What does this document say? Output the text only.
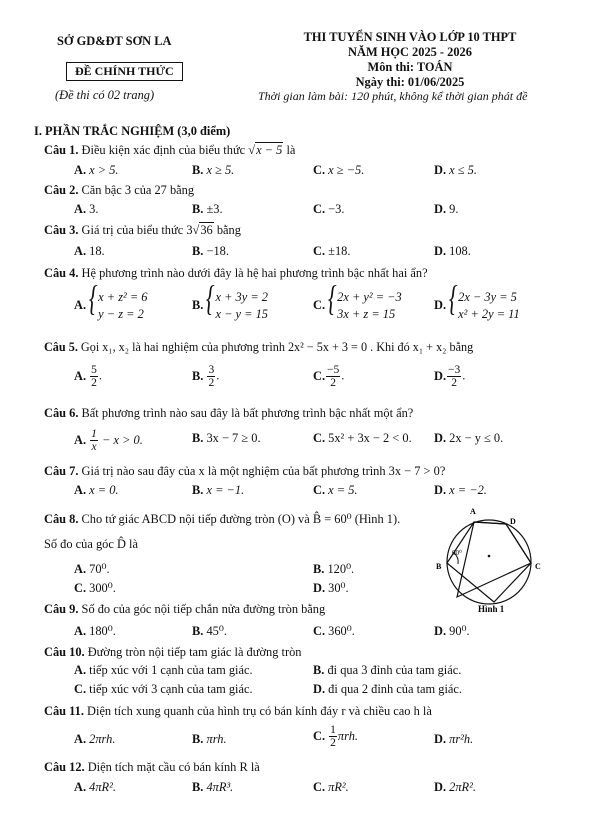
SỞ GD&ĐT SƠN LA
ĐỀ CHÍNH THỨC
(Đề thi có 02 trang)
THI TUYỂN SINH VÀO LỚP 10 THPT
NĂM HỌC 2025 - 2026
Môn thi: TOÁN
Ngày thi: 01/06/2025
Thời gian làm bài: 120 phút, không kể thời gian phát đề
I. PHẦN TRẮC NGHIỆM (3,0 điểm)
Câu 1. Điều kiện xác định của biểu thức √x − 5 là
A. x > 5.	B. x ≥ 5.	C. x ≥ −5.	D. x ≤ 5.
Câu 2. Căn bậc 3 của 27 bằng
A. 3.	B. ±3.	C. −3.	D. 9.
Câu 3. Giá trị của biểu thức 3√36 bằng
A. 18.	B. −18.	C. ±18.	D. 108.
Câu 4. Hệ phương trình nào dưới đây là hệ hai phương trình bậc nhất hai ẩn?
A.
{ x + z² = 6
y − z = 2
B.
{ x + 3y = 2
x − y = 15
C.
{ 2x + y² = −3
3x + z = 15
D.
{ 2x − 3y = 5
x² + 2y = 11
Câu 5. Gọi x₁, x₂ là hai nghiệm của phương trình 2x² − 5x + 3 = 0 . Khi đó x₁ + x₂ bằng
A. $\frac{5}{2}$ .	B. $\frac{3}{2}$ .	C. $\frac{-5}{2}$ .	D. $\frac{-3}{2}$ .
Câu 6. Bất phương trình nào sau đây là bất phương trình bậc nhất một ẩn?
A. $\frac{1}{x} - x > 0$.	B. 3x − 7 ≥ 0.	C. 5x² + 3x − 2 < 0. D. 2x − y ≤ 0.
Câu 7. Giá trị nào sau đây của x là một nghiệm của bất phương trình 3x − 7 > 0?
A. x = 0.	B. x = −1.	C. x = 5.	D. x = −2.
Câu 8. Cho tứ giác ABCD nội tiếp đường tròn (O) và B̂ = 60⁰ (Hình 1).
Số đo của góc D̂ là
A. 70⁰.	B. 120⁰.
C. 300⁰.	D. 30⁰.
A
D
B	C
60⁰
Hình 1
Câu 9. Số đo của góc nội tiếp chắn nửa đường tròn bằng
A. 180⁰.	B. 45⁰.	C. 360⁰.	D. 90⁰.
Câu 10. Đường tròn nội tiếp tam giác là đường tròn
A. tiếp xúc với 1 cạnh của tam giác.	B. đi qua 3 đỉnh của tam giác.
C. tiếp xúc với 3 cạnh của tam giác.	D. đi qua 2 đỉnh của tam giác.
Câu 11. Diện tích xung quanh của hình trụ có bán kính đáy r và chiều cao h là
A. 2πrh.	B. πrh.	C. $\frac{1}{2} \pi rh$.	D. πr²h.
Câu 12. Diện tích mặt cầu có bán kính R là
A. 4πR².	B. 4πR³.	C. πR².	D. 2πR².
